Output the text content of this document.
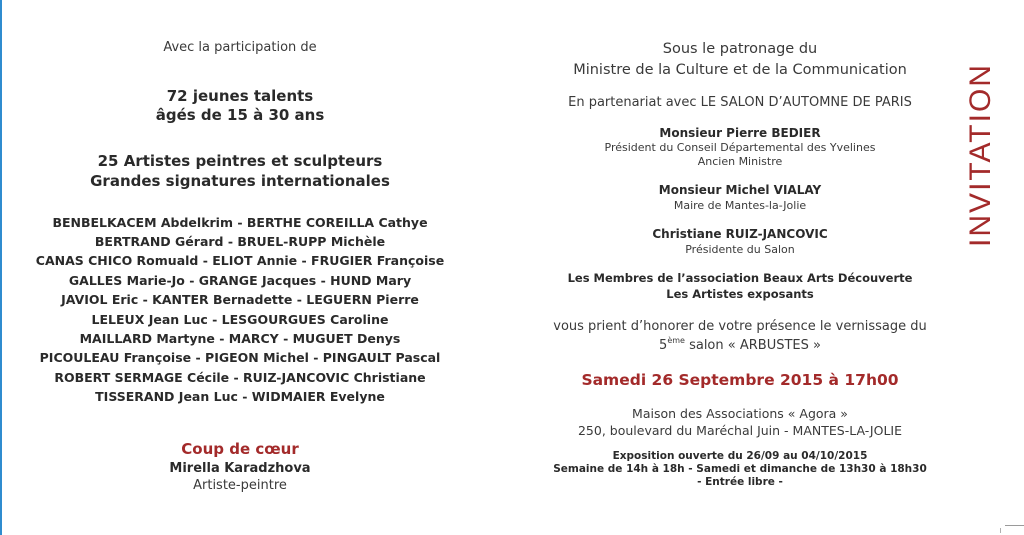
Avec la participation de
72 jeunes talents
âgés de 15 à 30 ans
25 Artistes peintres et sculpteurs
Grandes signatures internationales
BENBELKACEM Abdelkrim - BERTHE COREILLA Cathye
BERTRAND Gérard - BRUEL-RUPP Michèle
CANAS CHICO Romuald - ELIOT Annie - FRUGIER Françoise
GALLES Marie-Jo - GRANGE Jacques - HUND Mary
JAVIOL Eric - KANTER Bernadette - LEGUERN Pierre
LELEUX Jean Luc - LESGOURGUES Caroline
MAILLARD Martyne - MARCY - MUGUET Denys
PICOULEAU Françoise - PIGEON Michel - PINGAULT Pascal
ROBERT SERMAGE Cécile - RUIZ-JANCOVIC Christiane
TISSERAND Jean Luc - WIDMAIER Evelyne
Coup de cœur
Mirella Karadzhova
Artiste-peintre
Sous le patronage du
Ministre de la Culture et de la Communication
En partenariat avec LE SALON D’AUTOMNE DE PARIS
Monsieur Pierre BEDIER
Président du Conseil Départemental des Yvelines
Ancien Ministre
Monsieur Michel VIALAY
Maire de Mantes-la-Jolie
Christiane RUIZ-JANCOVIC
Présidente du Salon
Les Membres de l’association Beaux Arts Découverte
Les Artistes exposants
vous prient d’honorer de votre présence le vernissage du
5ème salon « ARBUSTES »
Samedi 26 Septembre 2015 à 17h00
Maison des Associations « Agora »
250, boulevard du Maréchal Juin - MANTES-LA-JOLIE
Exposition ouverte du 26/09 au 04/10/2015
Semaine de 14h à 18h - Samedi et dimanche de 13h30 à 18h30
- Entrée libre -
INVITATION
